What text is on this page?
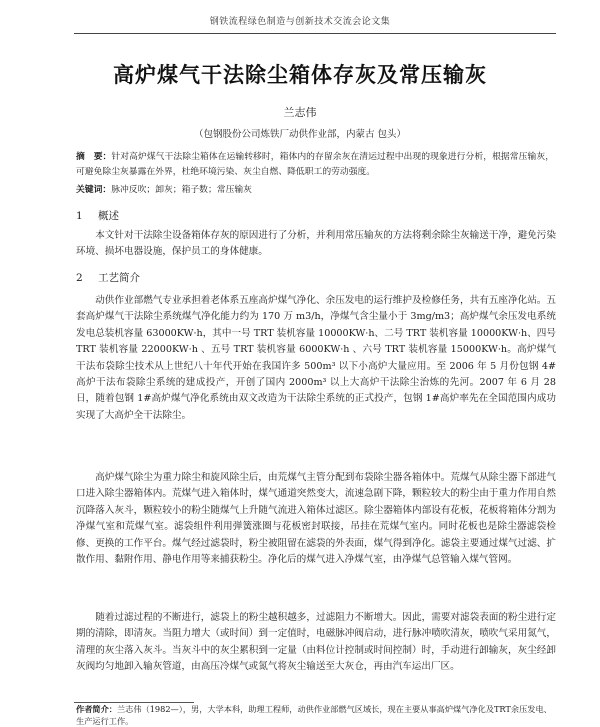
钢铁流程绿色制造与创新技术交流会论文集
高炉煤气干法除尘箱体存灰及常压输灰
兰志伟
（包钢股份公司炼铁厂动供作业部，内蒙古 包头）
摘　要：针对高炉煤气干法除尘箱体在运输转移时，箱体内的存留余灰在清运过程中出现的现象进行分析，根据常压输灰，可避免除尘灰暴露在外界，杜绝环境污染、灰尘自燃、降低职工的劳动强度。
关键词：脉冲反吹；卸灰；箱子数；常压输灰
1 概述
本文针对干法除尘设备箱体存灰的原因进行了分析，并利用常压输灰的方法将剩余除尘灰输送干净，避免污染环境、损坏电器设施，保护员工的身体健康。
2 工艺简介
动供作业部燃气专业承担着老体系五座高炉煤气净化、余压发电的运行维护及检修任务，共有五座净化站。五套高炉煤气干法除尘系统煤气净化能力约为 170 万 m3/h，净煤气含尘量小于 3mg/m3；高炉煤气余压发电系统发电总装机容量 63000KW·h，其中一号 TRT 装机容量 10000KW·h、二号 TRT 装机容量 10000KW·h、四号 TRT 装机容量 22000KW·h 、五号 TRT 装机容量 6000KW·h 、六号 TRT 装机容量 15000KW·h。高炉煤气干法布袋除尘技术从上世纪八十年代开始在我国许多 500m³ 以下小高炉大量应用。至 2006 年 5 月份包钢 4#高炉干法布袋除尘系统的建成投产，开创了国内 2000m³ 以上大高炉干法除尘治炼的先河。2007 年 6 月 28 日，随着包钢 1#高炉煤气净化系统由双文改造为干法除尘系统的正式投产，包钢 1#高炉率先在全国范围内成功实现了大高炉全干法除尘。
高炉煤气除尘为重力除尘和旋风除尘后，由荒煤气主管分配到布袋除尘器各箱体中。荒煤气从除尘器下部进气口进入除尘器箱体内。荒煤气进入箱体时，煤气通道突然变大，流速急剧下降，颗粒较大的粉尘由于重力作用自然沉降落入灰斗，颗粒较小的粉尘随煤气上升随气流进入箱体过滤区。除尘器箱体内部设有花板，花板将箱体分割为净煤气室和荒煤气室。滤袋组件利用弹簧涨圈与花板密封联接，吊挂在荒煤气室内。同时花板也是除尘器滤袋检修、更换的工作平台。煤气经过滤袋时，粉尘被阻留在滤袋的外表面，煤气得到净化。滤袋主要通过煤气过滤、扩散作用、黏附作用、静电作用等来捕获粉尘。净化后的煤气进入净煤气室，由净煤气总管输入煤气管网。
随着过滤过程的不断进行，滤袋上的粉尘越积越多，过滤阻力不断增大。因此，需要对滤袋表面的粉尘进行定期的清除，即清灰。当阻力增大（或时间）到一定值时，电磁脉冲阀启动，进行脉冲喷吹清灰，喷吹气采用氮气，清理的灰尘落入灰斗。当灰斗中的灰尘累积到一定量（由料位计控制或时间控制）时，手动进行卸输灰，灰尘经卸灰阀均匀地卸入输灰管道，由高压冷煤气或氮气将灰尘输送至大灰仓，再由汽车运出厂区。
作者简介：兰志伟（1982—），男，大学本科，助理工程师，动供作业部燃气区域长，现在主要从事高炉煤气净化及TRT余压发电、生产运行工作。
